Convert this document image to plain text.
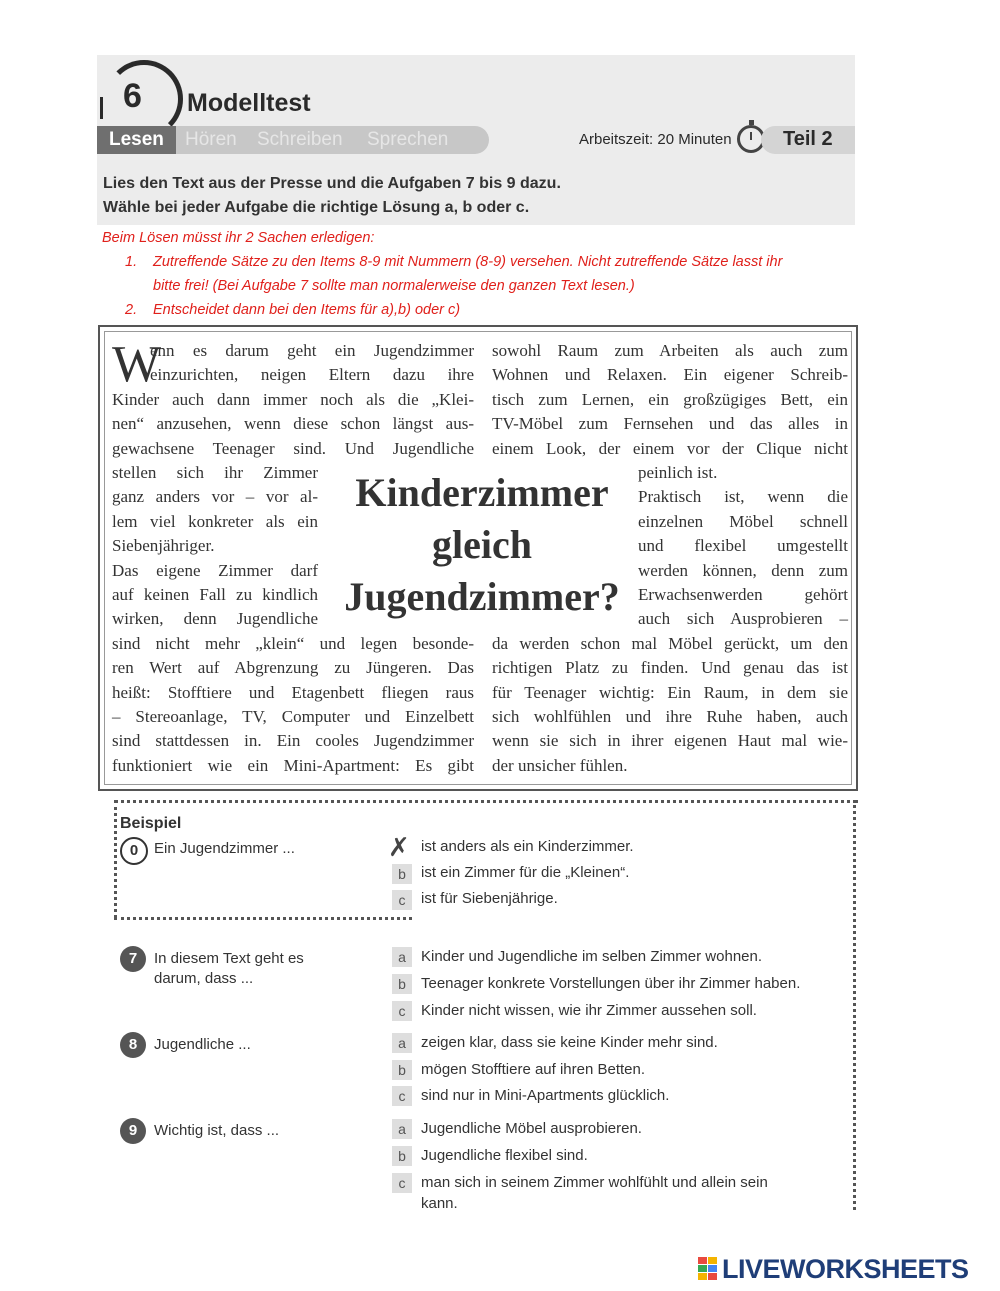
6 Modelltest
Lesen	Hören Schreiben Sprechen	Arbeitszeit: 20 Minuten	Teil 2
Lies den Text aus der Presse und die Aufgaben 7 bis 9 dazu.
Wähle bei jeder Aufgabe die richtige Lösung a, b oder c.
Beim Lösen müsst ihr 2 Sachen erledigen:
1. Zutreffende Sätze zu den Items 8-9 mit Nummern (8-9) versehen. Nicht zutreffende Sätze lasst ihr
bitte frei! (Bei Aufgabe 7 sollte man normalerweise den ganzen Text lesen.)
2. Entscheidet dann bei den Items für a),b) oder c)
W
enn es darum geht ein Jugendzimmer
einzurichten, neigen Eltern dazu ihre
Kinder auch dann immer noch als die „Klei-
nen“ anzusehen, wenn diese schon längst aus-
gewachsene Teenager sind. Und Jugendliche
stellen sich ihr Zimmer
ganz anders vor – vor al-
lem viel konkreter als ein
Siebenjähriger.
Das eigene Zimmer darf
auf keinen Fall zu kindlich
wirken, denn Jugendliche
sind nicht mehr „klein“ und legen besonde-
ren Wert auf Abgrenzung zu Jüngeren. Das
heißt: Stofftiere und Etagenbett fliegen raus
– Stereoanlage, TV, Computer und Einzelbett
sind stattdessen in. Ein cooles Jugendzimmer
funktioniert wie ein Mini-Apartment: Es gibt
sowohl Raum zum Arbeiten als auch zum
Wohnen und Relaxen. Ein eigener Schreib-
tisch zum Lernen, ein großzügiges Bett, ein
TV-Möbel zum Fernsehen und das alles in
einem Look, der einem vor der Clique nicht
peinlich ist.
Praktisch ist, wenn die
einzelnen Möbel schnell
und flexibel umgestellt
werden können, denn zum
Erwachsenwerden gehört
auch sich Ausprobieren –
da werden schon mal Möbel gerückt, um den
richtigen Platz zu finden. Und genau das ist
für Teenager wichtig: Ein Raum, in dem sie
sich wohlfühlen und ihre Ruhe haben, auch
wenn sie sich in ihrer eigenen Haut mal wie-
der unsicher fühlen.
Kinderzimmer
gleich
Jugendzimmer?
Beispiel
0	Ein Jugendzimmer ...	✗ ist anders als ein Kinderzimmer.
b	ist ein Zimmer für die „Kleinen“.
c	ist für Siebenjährige.
7	In diesem Text geht es
darum, dass ...
a	Kinder und Jugendliche im selben Zimmer wohnen.
b	Teenager konkrete Vorstellungen über ihr Zimmer haben.
c	Kinder nicht wissen, wie ihr Zimmer aussehen soll.
8	Jugendliche ...	a	zeigen klar, dass sie keine Kinder mehr sind.
b	mögen Stofftiere auf ihren Betten.
c	sind nur in Mini-Apartments glücklich.
9	Wichtig ist, dass ...	a	Jugendliche Möbel ausprobieren.
b	Jugendliche flexibel sind.
c	man sich in seinem Zimmer wohlfühlt und allein sein
kann.
LIVEWORKSHEETS
